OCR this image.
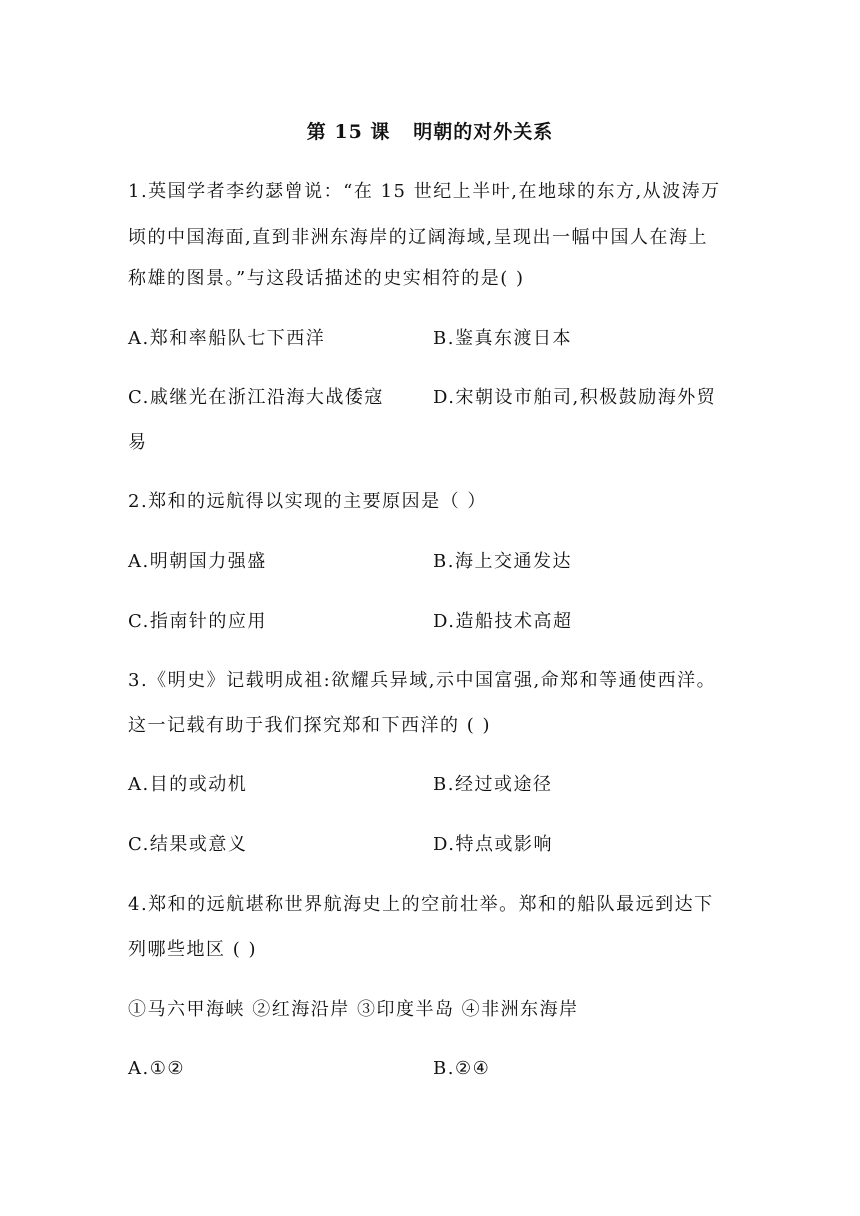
第 15 课   明朝的对外关系
1.英国学者李约瑟曾说：“在 15 世纪上半叶,在地球的东方,从波涛万
顷的中国海面,直到非洲东海岸的辽阔海域,呈现出一幅中国人在海上
称雄的图景。”与这段话描述的史实相符的是( )
A.郑和率船队七下西洋	B.鉴真东渡日本
C.戚继光在浙江沿海大战倭寇	D.宋朝设市舶司,积极鼓励海外贸
易
2.郑和的远航得以实现的主要原因是（ ）
A.明朝国力强盛	B.海上交通发达
C.指南针的应用	D.造船技术高超
3.《明史》记载明成祖:欲耀兵异域,示中国富强,命郑和等通使西洋。
这一记载有助于我们探究郑和下西洋的 ( )
A.目的或动机	B.经过或途径
C.结果或意义	D.特点或影响
4.郑和的远航堪称世界航海史上的空前壮举。郑和的船队最远到达下
列哪些地区 ( )
①马六甲海峡 ②红海沿岸 ③印度半岛 ④非洲东海岸
A.①②	B.②④
